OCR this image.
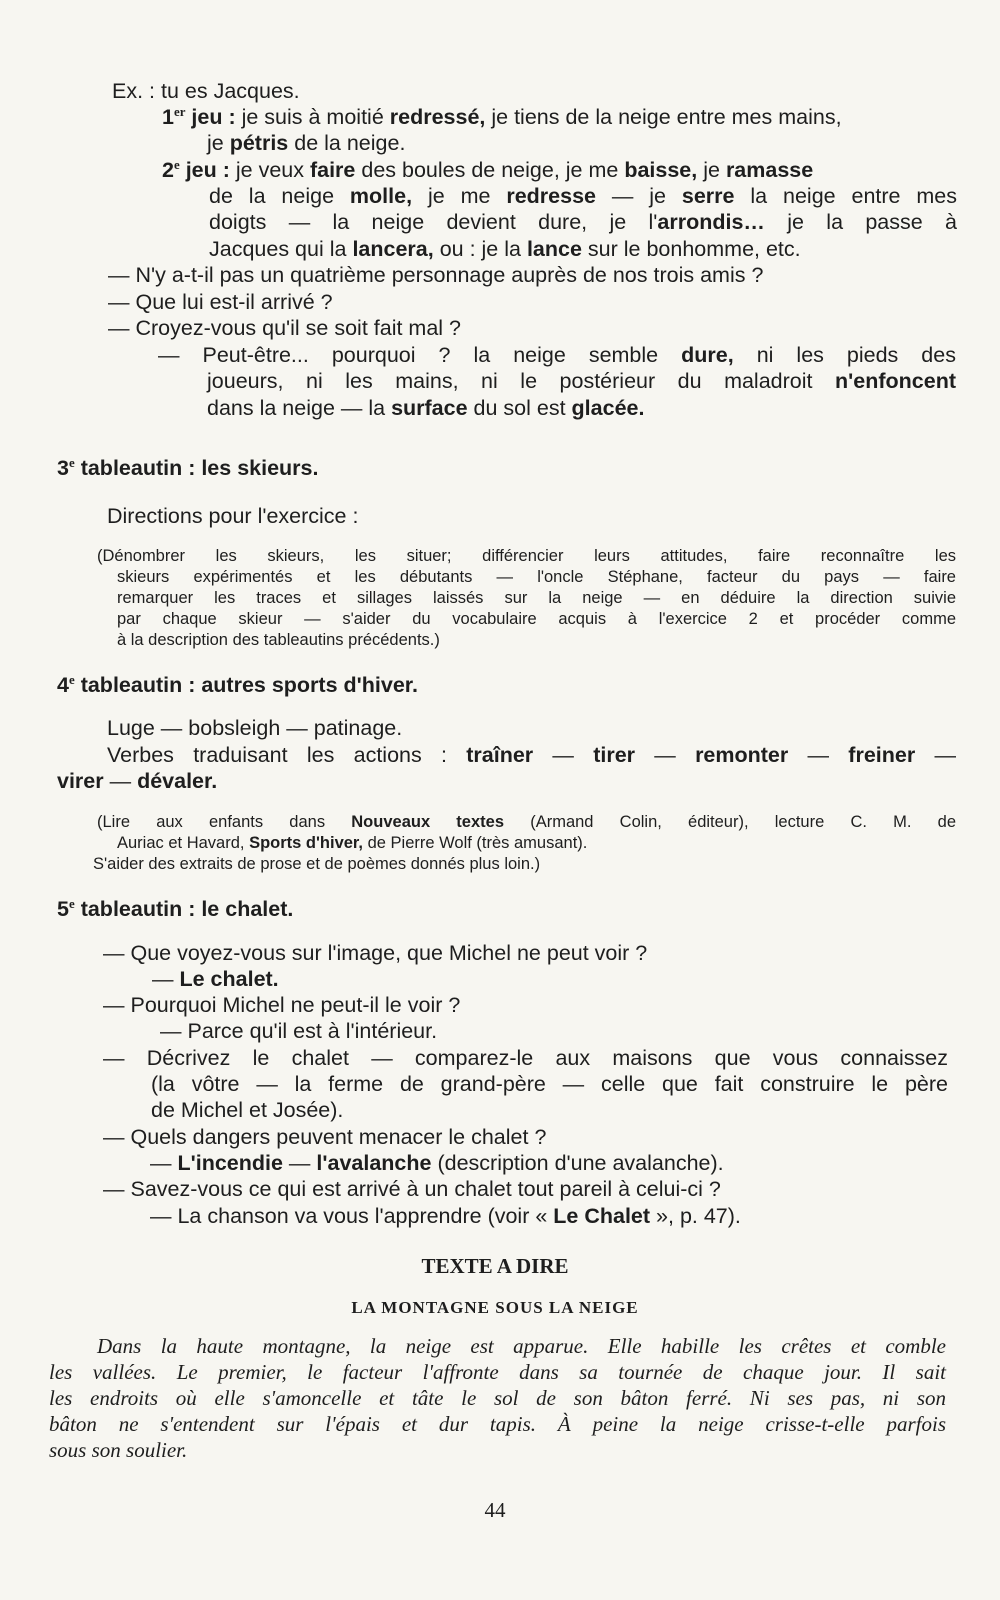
Ex. : tu es Jacques.
1er jeu : je suis à moitié redressé, je tiens de la neige entre mes mains,
je pétris de la neige.
2e jeu : je veux faire des boules de neige, je me baisse, je ramasse
de la neige molle, je me redresse — je serre la neige entre mes
doigts — la neige devient dure, je l'arrondis… je la passe à
Jacques qui la lancera, ou : je la lance sur le bonhomme, etc.
— N'y a-t-il pas un quatrième personnage auprès de nos trois amis ?
— Que lui est-il arrivé ?
— Croyez-vous qu'il se soit fait mal ?
— Peut-être... pourquoi ? la neige semble dure, ni les pieds des
joueurs, ni les mains, ni le postérieur du maladroit n'enfoncent
dans la neige — la surface du sol est glacée.
3e tableautin : les skieurs.
Directions pour l'exercice :
(Dénombrer les skieurs, les situer; différencier leurs attitudes, faire reconnaître les
skieurs expérimentés et les débutants — l'oncle Stéphane, facteur du pays — faire
remarquer les traces et sillages laissés sur la neige — en déduire la direction suivie
par chaque skieur — s'aider du vocabulaire acquis à l'exercice 2 et procéder comme
à la description des tableautins précédents.)
4e tableautin : autres sports d'hiver.
Luge — bobsleigh — patinage.
Verbes traduisant les actions : traîner — tirer — remonter — freiner —
virer — dévaler.
(Lire aux enfants dans Nouveaux textes (Armand Colin, éditeur), lecture C. M. de
Auriac et Havard, Sports d'hiver, de Pierre Wolf (très amusant).
S'aider des extraits de prose et de poèmes donnés plus loin.)
5e tableautin : le chalet.
— Que voyez-vous sur l'image, que Michel ne peut voir ?
— Le chalet.
— Pourquoi Michel ne peut-il le voir ?
— Parce qu'il est à l'intérieur.
— Décrivez le chalet — comparez-le aux maisons que vous connaissez
(la vôtre — la ferme de grand-père — celle que fait construire le père
de Michel et Josée).
— Quels dangers peuvent menacer le chalet ?
— L'incendie — l'avalanche (description d'une avalanche).
— Savez-vous ce qui est arrivé à un chalet tout pareil à celui-ci ?
— La chanson va vous l'apprendre (voir « Le Chalet », p. 47).
TEXTE A DIRE
LA MONTAGNE SOUS LA NEIGE
Dans la haute montagne, la neige est apparue. Elle habille les crêtes et comble
les vallées. Le premier, le facteur l'affronte dans sa tournée de chaque jour. Il sait
les endroits où elle s'amoncelle et tâte le sol de son bâton ferré. Ni ses pas, ni son
bâton ne s'entendent sur l'épais et dur tapis. À peine la neige crisse-t-elle parfois
sous son soulier.
44
